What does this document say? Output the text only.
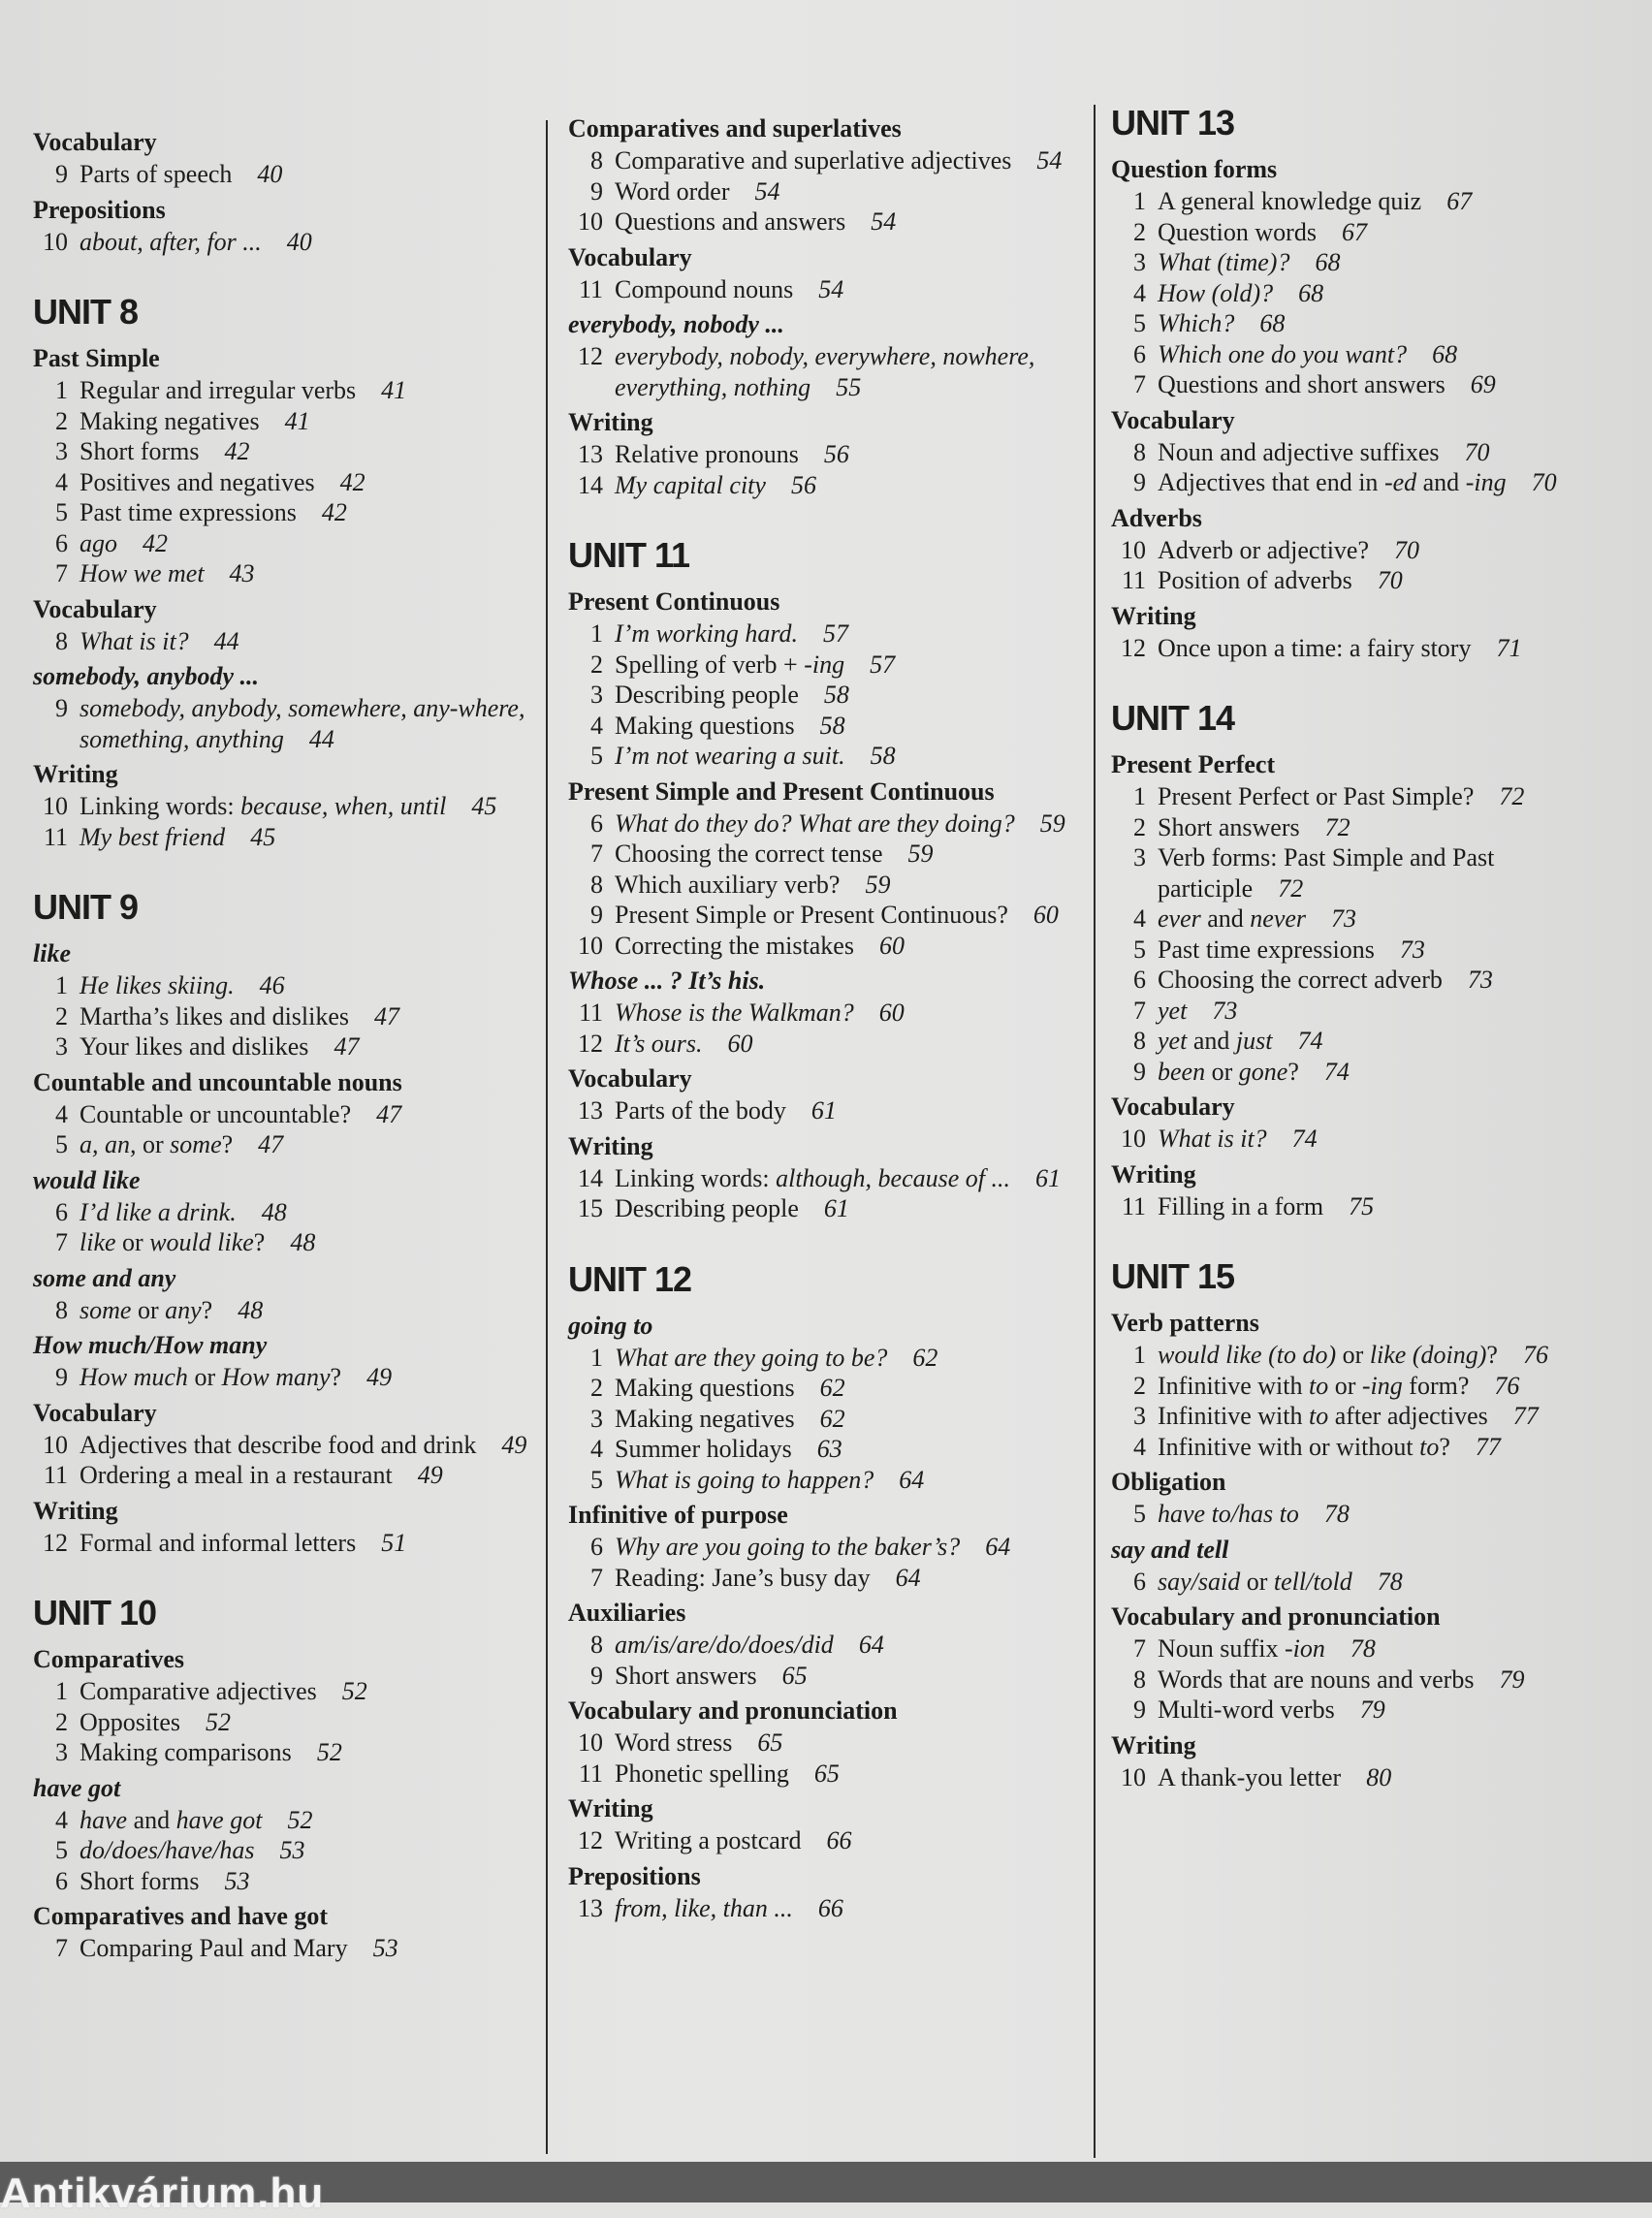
Vocabulary
9 Parts of speech 40
Prepositions
10 about, after, for ... 40
UNIT 8
Past Simple
1 Regular and irregular verbs 41
2 Making negatives 41
3 Short forms 42
4 Positives and negatives 42
5 Past time expressions 42
6 ago 42
7 How we met 43
Vocabulary
8 What is it? 44
somebody, anybody ...
9 somebody, anybody, somewhere, any-where, something, anything 44
Writing
10 Linking words: because, when, until 45
11 My best friend 45
UNIT 9
like
1 He likes skiing. 46
2 Martha’s likes and dislikes 47
3 Your likes and dislikes 47
Countable and uncountable nouns
4 Countable or uncountable? 47
5 a, an, or some? 47
would like
6 I’d like a drink. 48
7 like or would like? 48
some and any
8 some or any? 48
How much/How many
9 How much or How many? 49
Vocabulary
10 Adjectives that describe food and drink 49
11 Ordering a meal in a restaurant 49
Writing
12 Formal and informal letters 51
UNIT 10
Comparatives
1 Comparative adjectives 52
2 Opposites 52
3 Making comparisons 52
have got
4 have and have got 52
5 do/does/have/has 53
6 Short forms 53
Comparatives and have got
7 Comparing Paul and Mary 53
Comparatives and superlatives
8 Comparative and superlative adjectives 54
9 Word order 54
10 Questions and answers 54
Vocabulary
11 Compound nouns 54
everybody, nobody ...
12 everybody, nobody, everywhere, nowhere, everything, nothing 55
Writing
13 Relative pronouns 56
14 My capital city 56
UNIT 11
Present Continuous
1 I’m working hard. 57
2 Spelling of verb + -ing 57
3 Describing people 58
4 Making questions 58
5 I’m not wearing a suit. 58
Present Simple and Present Continuous
6 What do they do? What are they doing? 59
7 Choosing the correct tense 59
8 Which auxiliary verb? 59
9 Present Simple or Present Continuous? 60
10 Correcting the mistakes 60
Whose ... ? It’s his.
11 Whose is the Walkman? 60
12 It’s ours. 60
Vocabulary
13 Parts of the body 61
Writing
14 Linking words: although, because of ... 61
15 Describing people 61
UNIT 12
going to
1 What are they going to be? 62
2 Making questions 62
3 Making negatives 62
4 Summer holidays 63
5 What is going to happen? 64
Infinitive of purpose
6 Why are you going to the baker’s? 64
7 Reading: Jane’s busy day 64
Auxiliaries
8 am/is/are/do/does/did 64
9 Short answers 65
Vocabulary and pronunciation
10 Word stress 65
11 Phonetic spelling 65
Writing
12 Writing a postcard 66
Prepositions
13 from, like, than ... 66
UNIT 13
Question forms
1 A general knowledge quiz 67
2 Question words 67
3 What (time)? 68
4 How (old)? 68
5 Which? 68
6 Which one do you want? 68
7 Questions and short answers 69
Vocabulary
8 Noun and adjective suffixes 70
9 Adjectives that end in -ed and -ing 70
Adverbs
10 Adverb or adjective? 70
11 Position of adverbs 70
Writing
12 Once upon a time: a fairy story 71
UNIT 14
Present Perfect
1 Present Perfect or Past Simple? 72
2 Short answers 72
3 Verb forms: Past Simple and Past participle 72
4 ever and never 73
5 Past time expressions 73
6 Choosing the correct adverb 73
7 yet 73
8 yet and just 74
9 been or gone? 74
Vocabulary
10 What is it? 74
Writing
11 Filling in a form 75
UNIT 15
Verb patterns
1 would like (to do) or like (doing)? 76
2 Infinitive with to or -ing form? 76
3 Infinitive with to after adjectives 77
4 Infinitive with or without to? 77
Obligation
5 have to/has to 78
say and tell
6 say/said or tell/told 78
Vocabulary and pronunciation
7 Noun suffix -ion 78
8 Words that are nouns and verbs 79
9 Multi-word verbs 79
Writing
10 A thank-you letter 80
Antikvárium.hu
